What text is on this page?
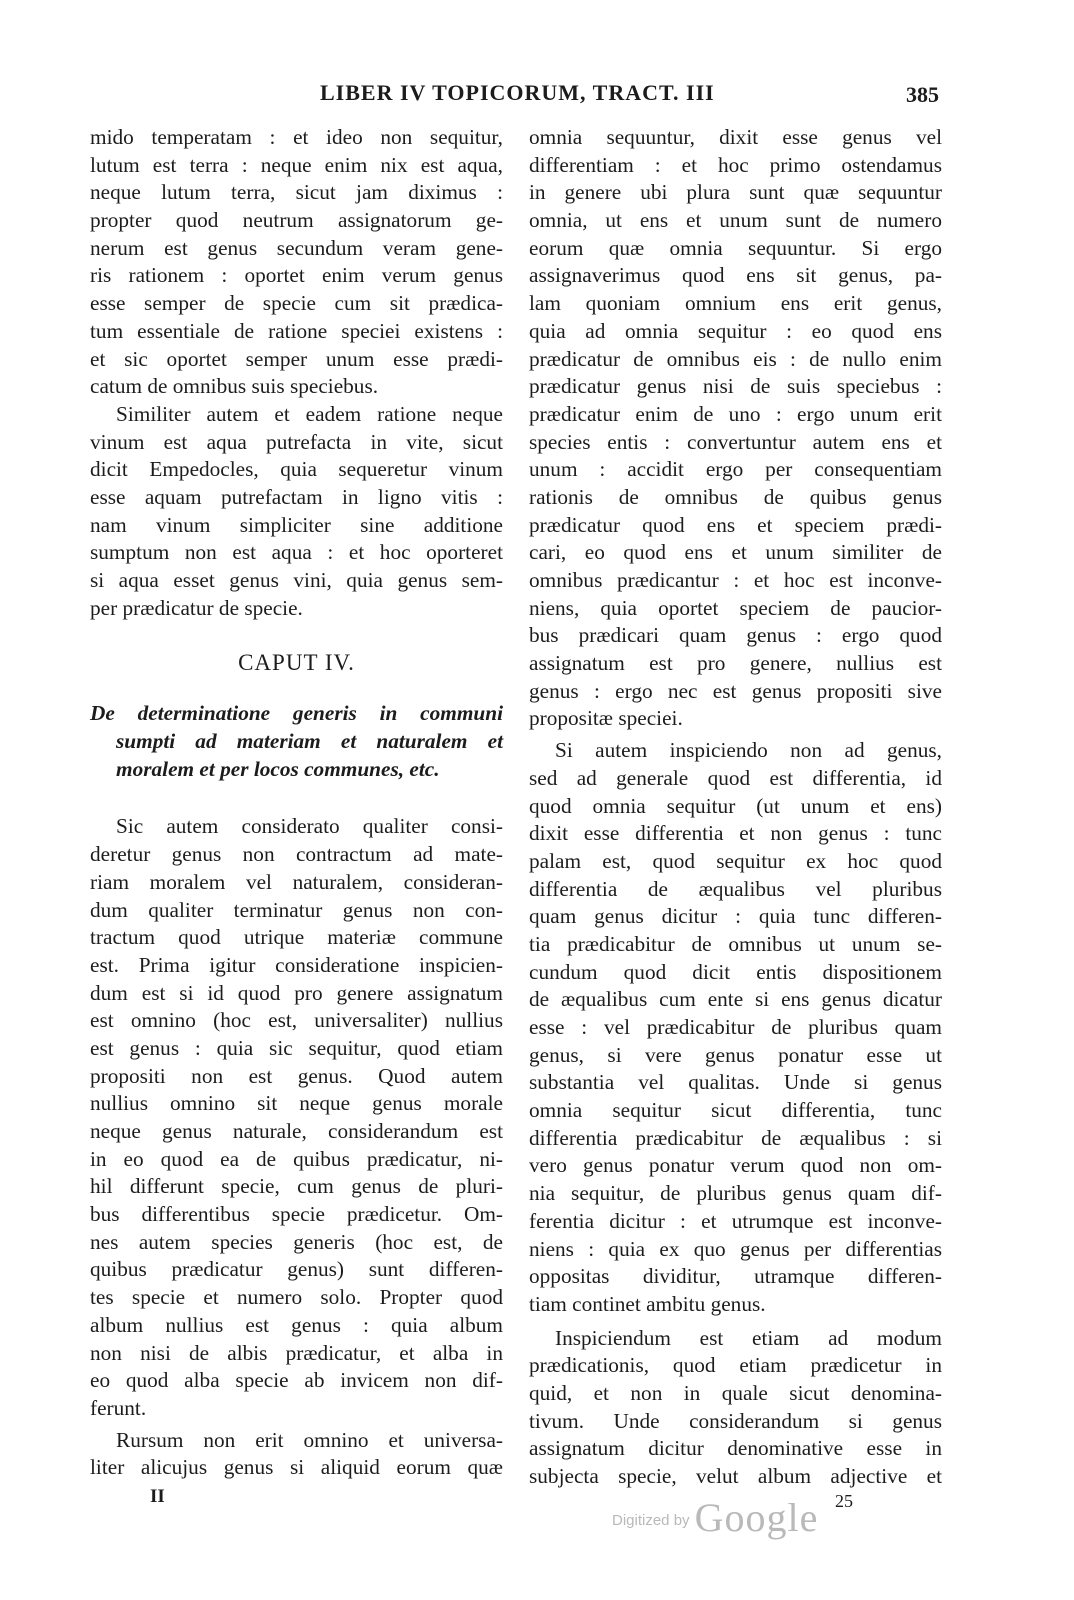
LIBER IV TOPICORUM, TRACT. III	385
mido temperatam : et ideo non sequitur,
lutum est terra : neque enim nix est aqua,
neque lutum terra, sicut jam diximus :
propter quod neutrum assignatorum ge-
nerum est genus secundum veram gene-
ris rationem : oportet enim verum genus
esse semper de specie cum sit prædica-
tum essentiale de ratione speciei existens :
et sic oportet semper unum esse prædi-
catum de omnibus suis speciebus.
Similiter autem et eadem ratione neque
vinum est aqua putrefacta in vite, sicut
dicit Empedocles, quia sequeretur vinum
esse aquam putrefactam in ligno vitis :
nam vinum simpliciter sine additione
sumptum non est aqua : et hoc oporteret
si aqua esset genus vini, quia genus sem-
per prædicatur de specie.
CAPUT IV.
De determinatione generis in communi
sumpti ad materiam et naturalem et
moralem et per locos communes, etc.
Sic autem considerato qualiter consi-
deretur genus non contractum ad mate-
riam moralem vel naturalem, consideran-
dum qualiter terminatur genus non con-
tractum quod utrique materiæ commune
est. Prima igitur consideratione inspicien-
dum est si id quod pro genere assignatum
est omnino (hoc est, universaliter) nullius
est genus : quia sic sequitur, quod etiam
propositi non est genus. Quod autem
nullius omnino sit neque genus morale
neque genus naturale, considerandum est
in eo quod ea de quibus prædicatur, ni-
hil differunt specie, cum genus de pluri-
bus differentibus specie prædicetur. Om-
nes autem species generis (hoc est, de
quibus prædicatur genus) sunt differen-
tes specie et numero solo. Propter quod
album nullius est genus : quia album
non nisi de albis prædicatur, et alba in
eo quod alba specie ab invicem non dif-
ferunt.
Rursum non erit omnino et universa-
liter alicujus genus si aliquid eorum quæ
omnia sequuntur, dixit esse genus vel
differentiam : et hoc primo ostendamus
in genere ubi plura sunt quæ sequuntur
omnia, ut ens et unum sunt de numero
eorum quæ omnia sequuntur. Si ergo
assignaverimus quod ens sit genus, pa-
lam quoniam omnium ens erit genus,
quia ad omnia sequitur : eo quod ens
prædicatur de omnibus eis : de nullo enim
prædicatur genus nisi de suis speciebus :
prædicatur enim de uno : ergo unum erit
species entis : convertuntur autem ens et
unum : accidit ergo per consequentiam
rationis de omnibus de quibus genus
prædicatur quod ens et speciem prædi-
cari, eo quod ens et unum similiter de
omnibus prædicantur : et hoc est inconve-
niens, quia oportet speciem de paucior-
bus prædicari quam genus : ergo quod
assignatum est pro genere, nullius est
genus : ergo nec est genus propositi sive
propositæ speciei.
Si autem inspiciendo non ad genus,
sed ad generale quod est differentia, id
quod omnia sequitur (ut unum et ens)
dixit esse differentia et non genus : tunc
palam est, quod sequitur ex hoc quod
differentia de æqualibus vel pluribus
quam genus dicitur : quia tunc differen-
tia prædicabitur de omnibus ut unum se-
cundum quod dicit entis dispositionem
de æqualibus cum ente si ens genus dicatur
esse : vel prædicabitur de pluribus quam
genus, si vere genus ponatur esse ut
substantia vel qualitas. Unde si genus
omnia sequitur sicut differentia, tunc
differentia prædicabitur de æqualibus : si
vero genus ponatur verum quod non om-
nia sequitur, de pluribus genus quam dif-
ferentia dicitur : et utrumque est inconve-
niens : quia ex quo genus per differentias
oppositas dividitur, utramque differen-
tiam continet ambitu genus.
Inspiciendum est etiam ad modum
prædicationis, quod etiam prædicetur in
quid, et non in quale sicut denomina-
tivum. Unde considerandum si genus
assignatum dicitur denominative esse in
subjecta specie, velut album adjective et
II	25
Digitized by Google
